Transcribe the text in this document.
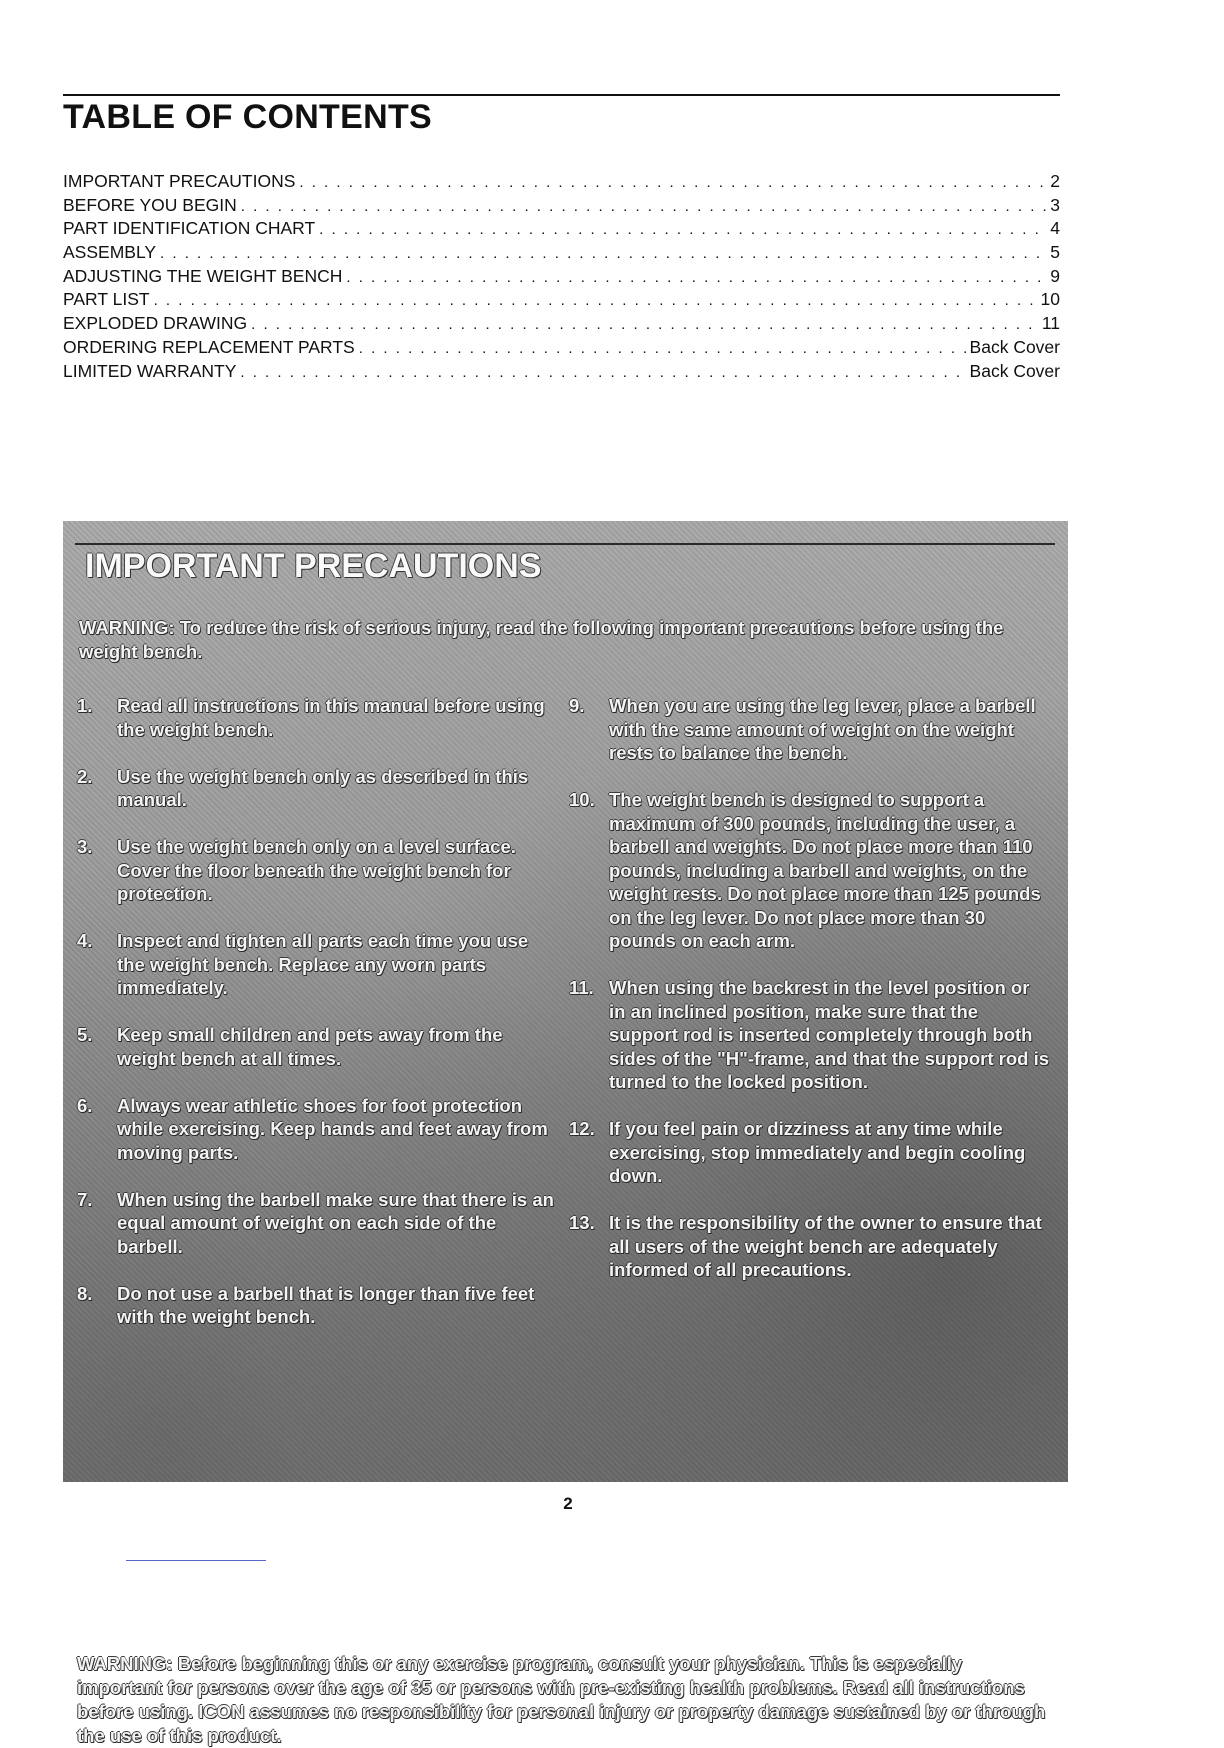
TABLE OF CONTENTS
IMPORTANT PRECAUTIONS . . .	2
BEFORE YOU BEGIN . . .	3
PART IDENTIFICATION CHART . . .	4
ASSEMBLY . . .	5
ADJUSTING THE WEIGHT BENCH . . .	9
PART LIST . . .	10
EXPLODED DRAWING . . .	11
ORDERING REPLACEMENT PARTS . . .	Back Cover
LIMITED WARRANTY . . .	Back Cover
IMPORTANT PRECAUTIONS

WARNING: To reduce the risk of serious injury, read the following important precautions before using the weight bench.

1.	Read all instructions in this manual before using the weight bench.
2.	Use the weight bench only as described in this manual.
3.	Use the weight bench only on a level surface. Cover the floor beneath the weight bench for protection.
4.	Inspect and tighten all parts each time you use the weight bench. Replace any worn parts immediately.
5.	Keep small children and pets away from the weight bench at all times.
6.	Always wear athletic shoes for foot protection while exercising. Keep hands and feet away from moving parts.
7.	When using the barbell make sure that there is an equal amount of weight on each side of the barbell.
8.	Do not use a barbell that is longer than five feet with the weight bench.
9.	When you are using the leg lever, place a barbell with the same amount of weight on the weight rests to balance the bench.
10. The weight bench is designed to support a maximum of 300 pounds, including the user, a barbell and weights. Do not place more than 110 pounds, including a barbell and weights, on the weight rests. Do not place more than 125 pounds on the leg lever. Do not place more than 30 pounds on each arm.
11. When using the backrest in the level position or in an inclined position, make sure that the support rod is inserted completely through both sides of the "H"-frame, and that the support rod is turned to the locked position.
12. If you feel pain or dizziness at any time while exercising, stop immediately and begin cooling down.
13. It is the responsibility of the owner to ensure that all users of the weight bench are adequately informed of all precautions.

WARNING: Before beginning this or any exercise program, consult your physician. This is especially important for persons over the age of 35 or persons with pre-existing health problems. Read all instructions before using. ICON assumes no responsibility for personal injury or property damage sustained by or through the use of this product.

2
